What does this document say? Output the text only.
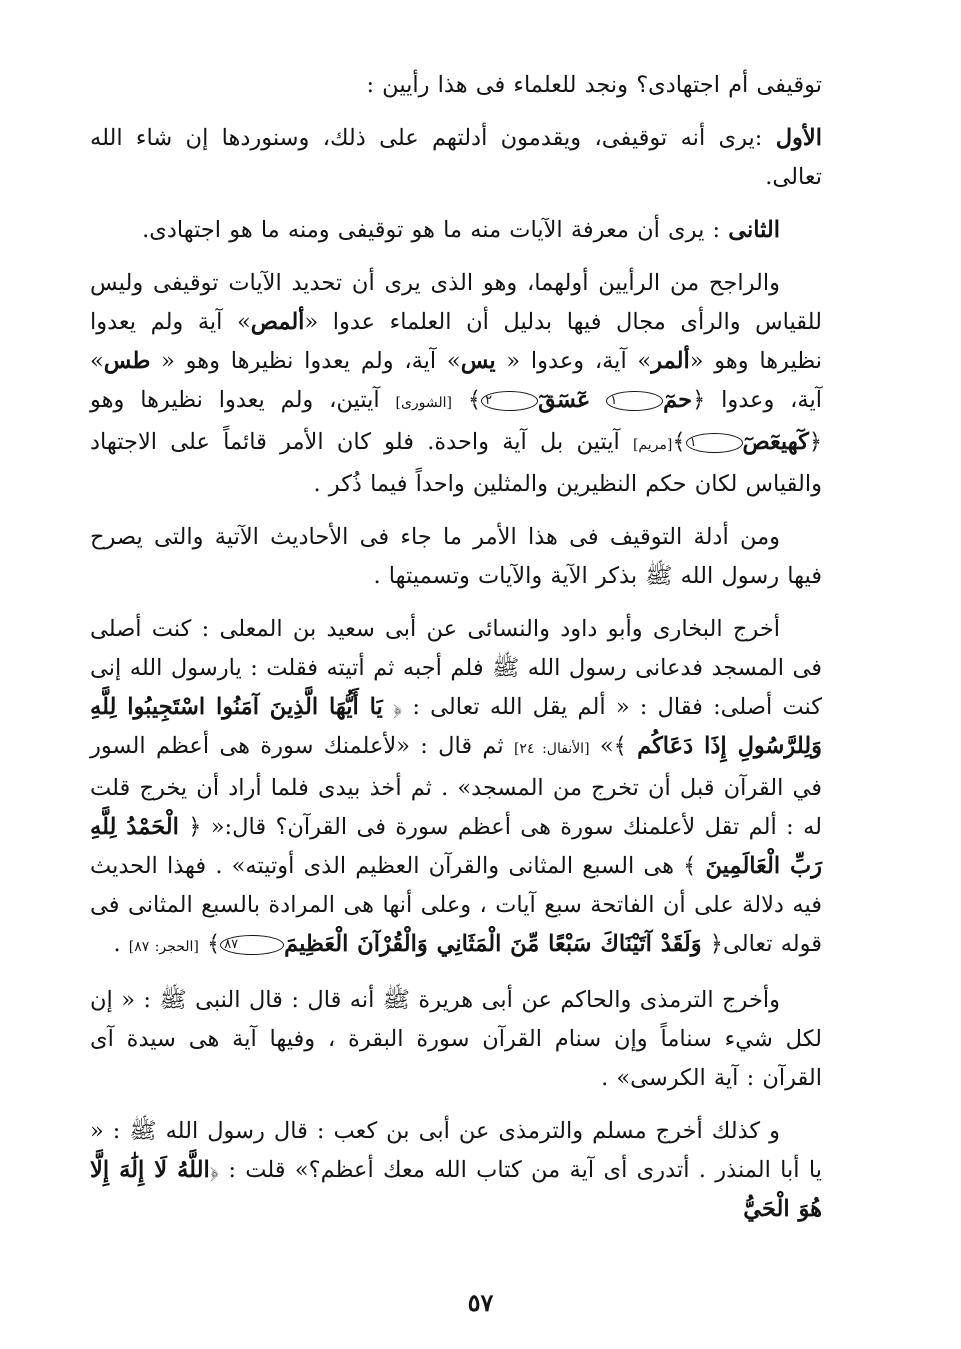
توقيفى أم اجتهادى؟ ونجد للعلماء فى هذا رأيين :

الأول :يرى أنه توقيفى، ويقدمون أدلتهم على ذلك، وسنوردها إن شاء الله تعالى.

الثانى : يرى أن معرفة الآيات منه ما هو توقيفى ومنه ما هو اجتهادى.

والراجح من الرأيين أولهما، وهو الذى يرى أن تحديد الآيات توقيفى وليس للقياس والرأى مجال فيها بدليل أن العلماء عدوا «ألمص» آية ولم يعدوا نظيرها وهو «ألمر» آية، وعدوا « يس» آية، ولم يعدوا نظيرها وهو « طس» آية، وعدوا ﴿حمٓ١ عٓسٓقٓ٢﴾ [الشورى] آيتين، ولم يعدوا نظيرها وهو ﴿كٓهيعٓصٓ١﴾[مريم] آيتين بل آية واحدة. فلو كان الأمر قائماً على الاجتهاد والقياس لكان حكم النظيرين والمثلين واحداً فيما ذُكر .

ومن أدلة التوقيف فى هذا الأمر ما جاء فى الأحاديث الآتية والتى يصرح فيها رسول الله ﷺ بذكر الآية والآيات وتسميتها .

أخرج البخارى وأبو داود والنسائى عن أبى سعيد بن المعلى : كنت أصلى فى المسجد فدعانى رسول الله ﷺ فلم أجبه ثم أتيته فقلت : يارسول الله إنى كنت أصلى: فقال : « ألم يقل الله تعالى : ﴿ يَا أَيُّهَا الَّذِينَ آمَنُوا اسْتَجِيبُوا لِلَّهِ وَلِلرَّسُولِ إِذَا دَعَاكُم ﴾» [الأنفال: ٢٤] ثم قال : «لأعلمنك سورة هى أعظم السور في القرآن قبل أن تخرج من المسجد» . ثم أخذ بيدى فلما أراد أن يخرج قلت له : ألم تقل لأعلمنك سورة هى أعظم سورة فى القرآن؟ قال:« ﴿ الْحَمْدُ لِلَّهِ رَبِّ الْعَالَمِينَ ﴾ هى السبع المثانى والقرآن العظيم الذى أوتيته» . فهذا الحديث فيه دلالة على أن الفاتحة سبع آيات ، وعلى أنها هى المرادة بالسبع المثانى فى قوله تعالى﴿ وَلَقَدْ آتَيْنَاكَ سَبْعًا مِّنَ الْمَثَانِي وَالْقُرْآنَ الْعَظِيمَ٨٧﴾ [الحجر: ٨٧] .

وأخرج الترمذى والحاكم عن أبى هريرة ﷺ أنه قال : قال النبى ﷺ : « إن لكل شيء سناماً وإن سنام القرآن سورة البقرة ، وفيها آية هى سيدة آى القرآن : آية الكرسى» .

و كذلك أخرج مسلم والترمذى عن أبى بن كعب : قال رسول الله ﷺ : « يا أبا المنذر . أتدرى أى آية من كتاب الله معك أعظم؟» قلت : ﴿اللَّهُ لَا إِلَٰهَ إِلَّا هُوَ الْحَيُّ

٥٧
